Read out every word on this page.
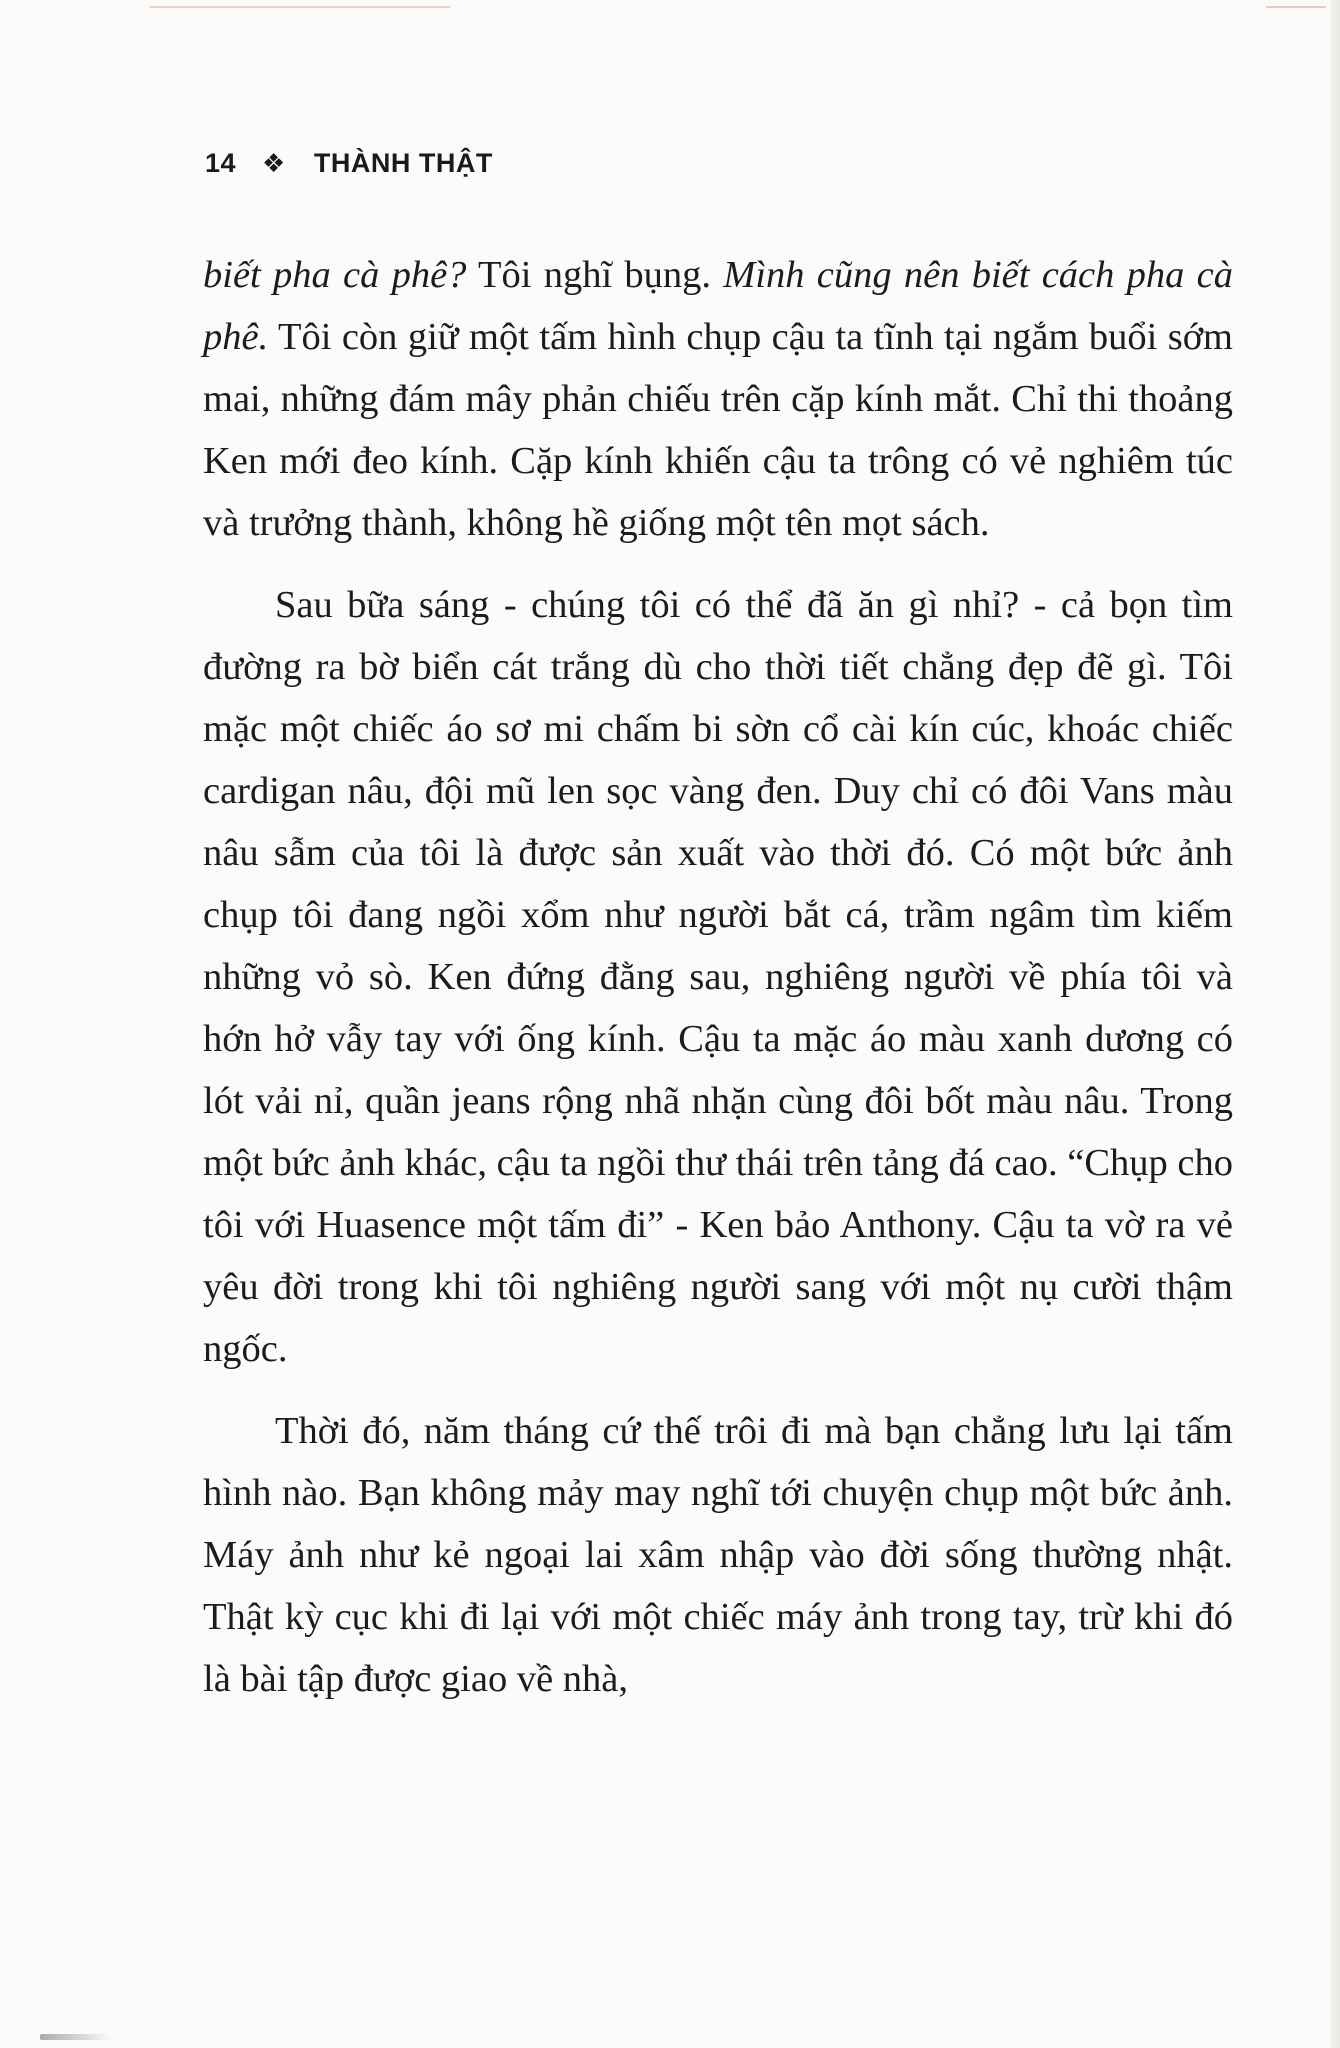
14 ❖ THÀNH THẬT

biết pha cà phê? Tôi nghĩ bụng. Mình cũng nên biết cách pha cà phê. Tôi còn giữ một tấm hình chụp cậu ta tĩnh tại ngắm buổi sớm mai, những đám mây phản chiếu trên cặp kính mắt. Chỉ thi thoảng Ken mới đeo kính. Cặp kính khiến cậu ta trông có vẻ nghiêm túc và trưởng thành, không hề giống một tên mọt sách.

Sau bữa sáng - chúng tôi có thể đã ăn gì nhỉ? - cả bọn tìm đường ra bờ biển cát trắng dù cho thời tiết chẳng đẹp đẽ gì. Tôi mặc một chiếc áo sơ mi chấm bi sờn cổ cài kín cúc, khoác chiếc cardigan nâu, đội mũ len sọc vàng đen. Duy chỉ có đôi Vans màu nâu sẫm của tôi là được sản xuất vào thời đó. Có một bức ảnh chụp tôi đang ngồi xổm như người bắt cá, trầm ngâm tìm kiếm những vỏ sò. Ken đứng đằng sau, nghiêng người về phía tôi và hớn hở vẫy tay với ống kính. Cậu ta mặc áo màu xanh dương có lót vải nỉ, quần jeans rộng nhã nhặn cùng đôi bốt màu nâu. Trong một bức ảnh khác, cậu ta ngồi thư thái trên tảng đá cao. “Chụp cho tôi với Huasence một tấm đi” - Ken bảo Anthony. Cậu ta vờ ra vẻ yêu đời trong khi tôi nghiêng người sang với một nụ cười thậm ngốc.

Thời đó, năm tháng cứ thế trôi đi mà bạn chẳng lưu lại tấm hình nào. Bạn không mảy may nghĩ tới chuyện chụp một bức ảnh. Máy ảnh như kẻ ngoại lai xâm nhập vào đời sống thường nhật. Thật kỳ cục khi đi lại với một chiếc máy ảnh trong tay, trừ khi đó là bài tập được giao về nhà,
